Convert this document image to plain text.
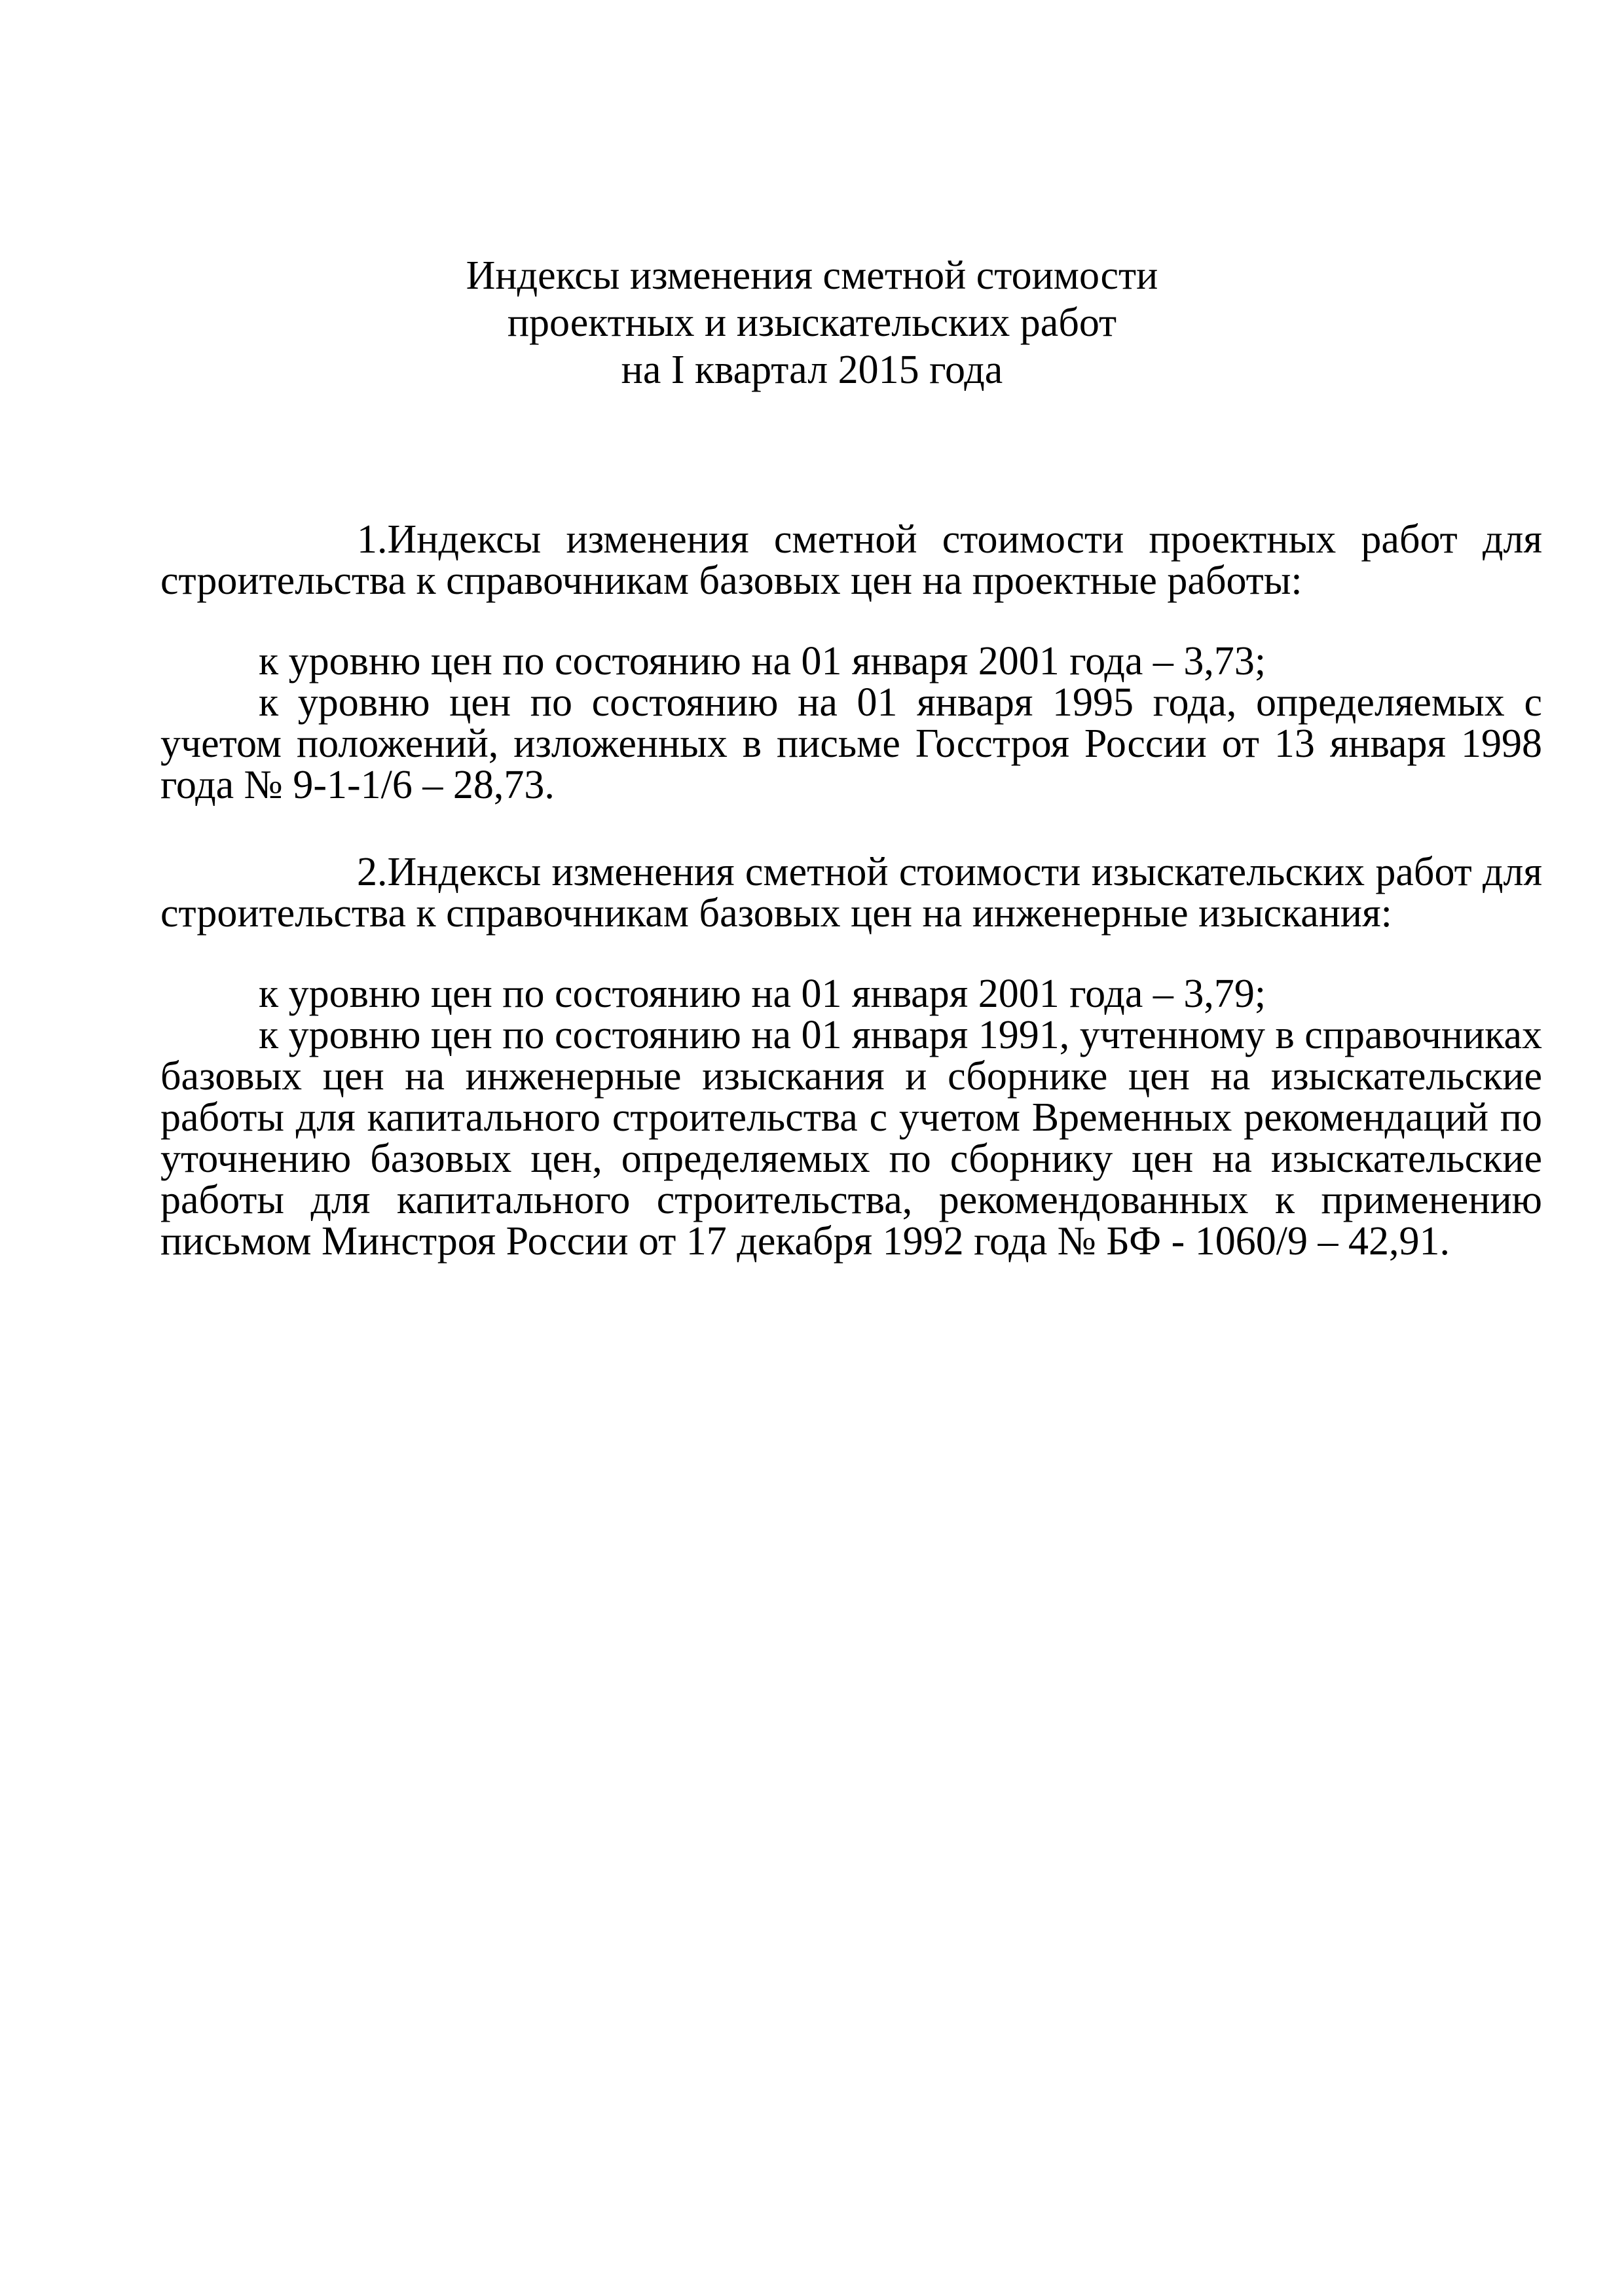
Индексы изменения сметной стоимости
проектных и изыскательских работ
на I квартал 2015 года

1.Индексы изменения сметной стоимости проектных работ для строительства к справочникам базовых цен на проектные работы:

к уровню цен по состоянию на 01 января 2001 года – 3,73;

к уровню цен по состоянию на 01 января 1995 года, определяемых с учетом положений, изложенных в письме Госстроя России от 13 января 1998 года № 9-1-1/6 – 28,73.

2.Индексы изменения сметной стоимости изыскательских работ для строительства к справочникам базовых цен на инженерные изыскания:

к уровню цен по состоянию на 01 января 2001 года – 3,79;

к уровню цен по состоянию на 01 января 1991, учтенному в справочниках базовых цен на инженерные изыскания и сборнике цен на изыскательские работы для капитального строительства с учетом Временных рекомендаций по уточнению базовых цен, определяемых по сборнику цен на изыскательские работы для капитального строительства, рекомендованных к применению письмом Минстроя России от 17 декабря 1992 года № БФ - 1060/9 – 42,91.
